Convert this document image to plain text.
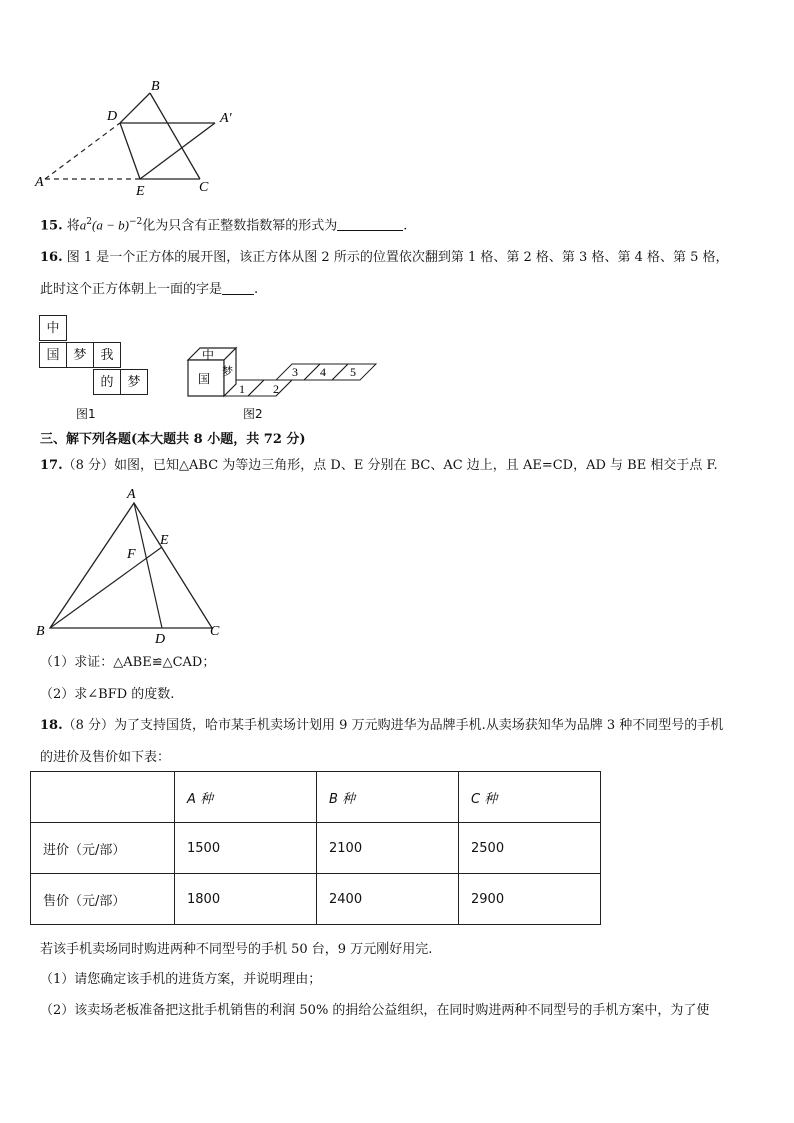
B
D	A'
A
E	C
15. 将$a^2(a - b)^{-2}$化为只含有正整数指数幂的形式为	.
16. 图 1 是一个正方体的展开图，该正方体从图 2 所示的位置依次翻到第 1 格、第 2 格、第 3 格、第 4 格、第 5 格，
此时这个正方体朝上一面的字是 .
中
国	梦	我
的	梦
图1
中
国 梦
1 2
3 4 5
图2
三、解下列各题(本大题共 8 小题，共 72 分)
17.（8 分）如图，已知△ABC 为等边三角形，点 D、E 分别在 BC、AC 边上，且 AE=CD，AD 与 BE 相交于点 F.
A
E
F
B
D
C
（1）求证：△ABE≌△CAD；
（2）求∠BFD 的度数.
18.（8 分）为了支持国货，哈市某手机卖场计划用 9 万元购进华为品牌手机.从卖场获知华为品牌 3 种不同型号的手机
的进价及售价如下表：
	A 种	B 种	C 种
进价（元/部）	1500	2100	2500
售价（元/部）	1800	2400	2900
若该手机卖场同时购进两种不同型号的手机 50 台，9 万元刚好用完.
（1）请您确定该手机的进货方案，并说明理由；
（2）该卖场老板准备把这批手机销售的利润 50% 的捐给公益组织，在同时购进两种不同型号的手机方案中，为了使
